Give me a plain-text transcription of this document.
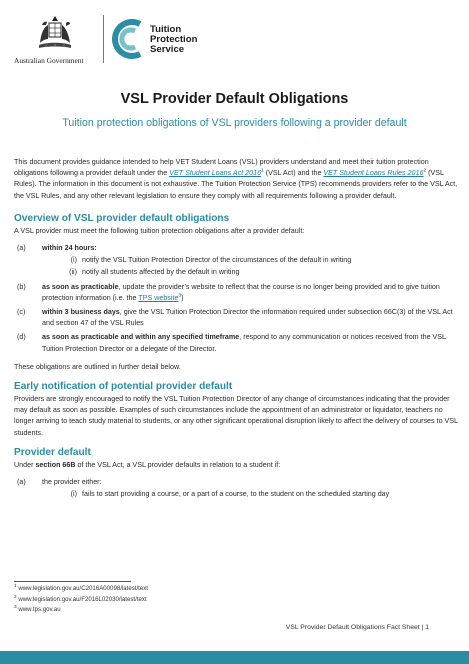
Australian Government
Tuition
Protection
Service
VSL Provider Default Obligations

Tuition protection obligations of VSL providers following a provider default

This document provides guidance intended to help VET Student Loans (VSL) providers understand and meet their tuition protection obligations following a provider default under the VET Student Loans Act 2016$^1$ (VSL Act) and the VET Student Loans Rules 2016$^2$ (VSL Rules). The information in this document is not exhaustive. The Tuition Protection Service (TPS) recommends providers refer to the VSL Act, the VSL Rules, and any other relevant legislation to ensure they comply with all requirements following a provider default.

Overview of VSL provider default obligations

A VSL provider must meet the following tuition protection obligations after a provider default:

(a) within 24 hours:
(i) notify the VSL Tuition Protection Director of the circumstances of the default in writing
(ii) notify all students affected by the default in writing
(b) as soon as practicable, update the provider’s website to reflect that the course is no longer being provided and to give tuition protection information (i.e. the TPS website$^3$)
(c) within 3 business days, give the VSL Tuition Protection Director the information required under subsection 66C(3) of the VSL Act and section 47 of the VSL Rules
(d) as soon as practicable and within any specified timeframe, respond to any communication or notices received from the VSL Tuition Protection Director or a delegate of the Director.

These obligations are outlined in further detail below.

Early notification of potential provider default

Providers are strongly encouraged to notify the VSL Tuition Protection Director of any change of circumstances indicating that the provider may default as soon as possible. Examples of such circumstances include the appointment of an administrator or liquidator, teachers no longer arriving to teach study material to students, or any other significant operational disruption likely to affect the delivery of courses to VSL students.

Provider default

Under section 66B of the VSL Act, a VSL provider defaults in relation to a student if:

(a) the provider either:
(i) fails to start providing a course, or a part of a course, to the student on the scheduled starting day
$^1$ www.legislation.gov.au/C2016A00098/latest/text
$^2$ www.legislation.gov.au/F2016L02030/latest/text
$^3$ www.tps.gov.au
VSL Provider Default Obligations Fact Sheet | 1
